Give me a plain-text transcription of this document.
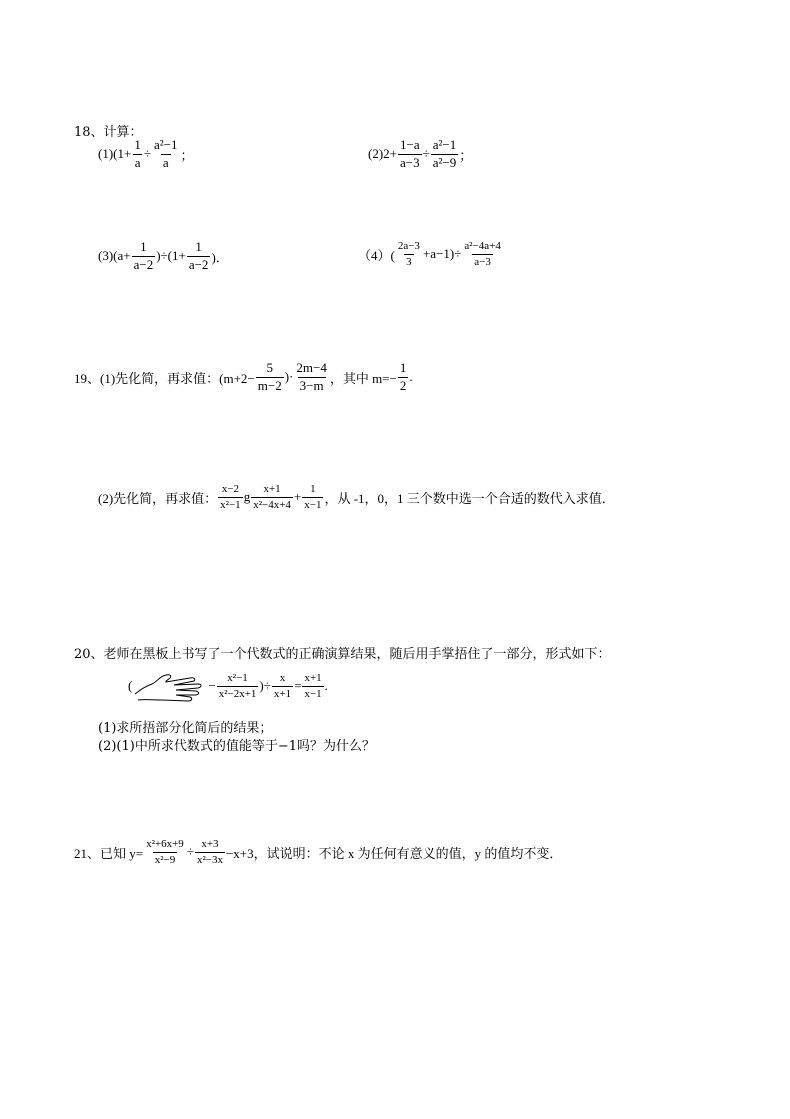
18、计算：
$(1)(1+ \frac{1}{a} \div \frac{\text{a²−1}}{a}$ ；	$(2)2+ \frac{1-a}{a-3} \div \frac{\text{a²−1}}{\text{a²−9}}$ ；
$(3)(a+ \frac{1}{a-2} )\div(1+ \frac{1}{a-2}$ )．	$(4)( \frac{2a-3}{3} +a-1)\div \frac{\text{a²−4a+4}}{a-3}$
19、(1)先化简，再求值：($m+2- \frac{5}{m-2}$ )· $\frac{2m-4}{3-m}$ ，其中 $m=- \frac{1}{2}$ .
(2)先化简，再求值： $\frac{x-2}{\text{x²−1}}$ g $\frac{x+1}{\text{x²−4x+4}} + \frac{1}{x-1}$ ，从 -1，0，1 三个数中选一个合适的数代入求值．
20、老师在黑板上书写了一个代数式的正确演算结果，随后用手掌捂住了一部分，形式如下：
(	− $\frac{\text{x²−1}}{\text{x²−2x+1}}$ )÷ $\frac{x}{x+1} = \frac{x+1}{x-1}$ .
(1)求所捂部分化简后的结果；
(2)(1)中所求代数式的值能等于−1吗？为什么？
21、已知 $y= \frac{\text{x²+6x+9}}{\text{x²−9}} \div \frac{x+3}{\text{x²−3x}} -x+3$，试说明：不论 x 为任何有意义的值，y 的值均不变．
